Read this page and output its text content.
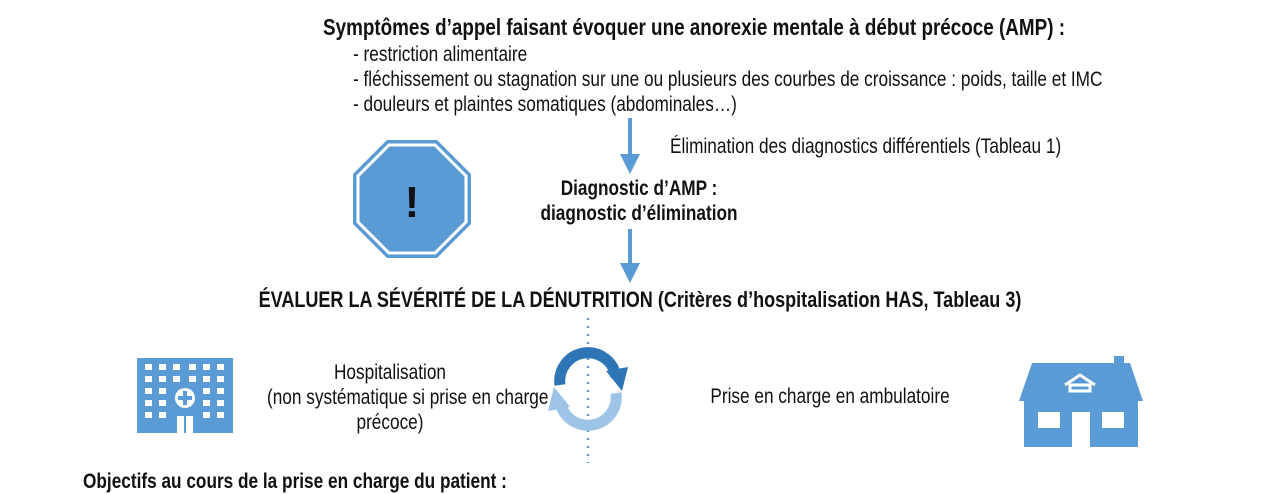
Symptômes d’appel faisant évoquer une anorexie mentale à début précoce (AMP) :
- restriction alimentaire
- fléchissement ou stagnation sur une ou plusieurs des courbes de croissance : poids, taille et IMC
- douleurs et plaintes somatiques (abdominales…)
Élimination des diagnostics différentiels (Tableau 1)
!	Diagnostic d’AMP :
diagnostic d’élimination
ÉVALUER LA SÉVÉRITÉ DE LA DÉNUTRITION (Critères d’hospitalisation HAS, Tableau 3)
Hospitalisation
(non systématique si prise en charge
précoce)
Prise en charge en ambulatoire
Objectifs au cours de la prise en charge du patient :
